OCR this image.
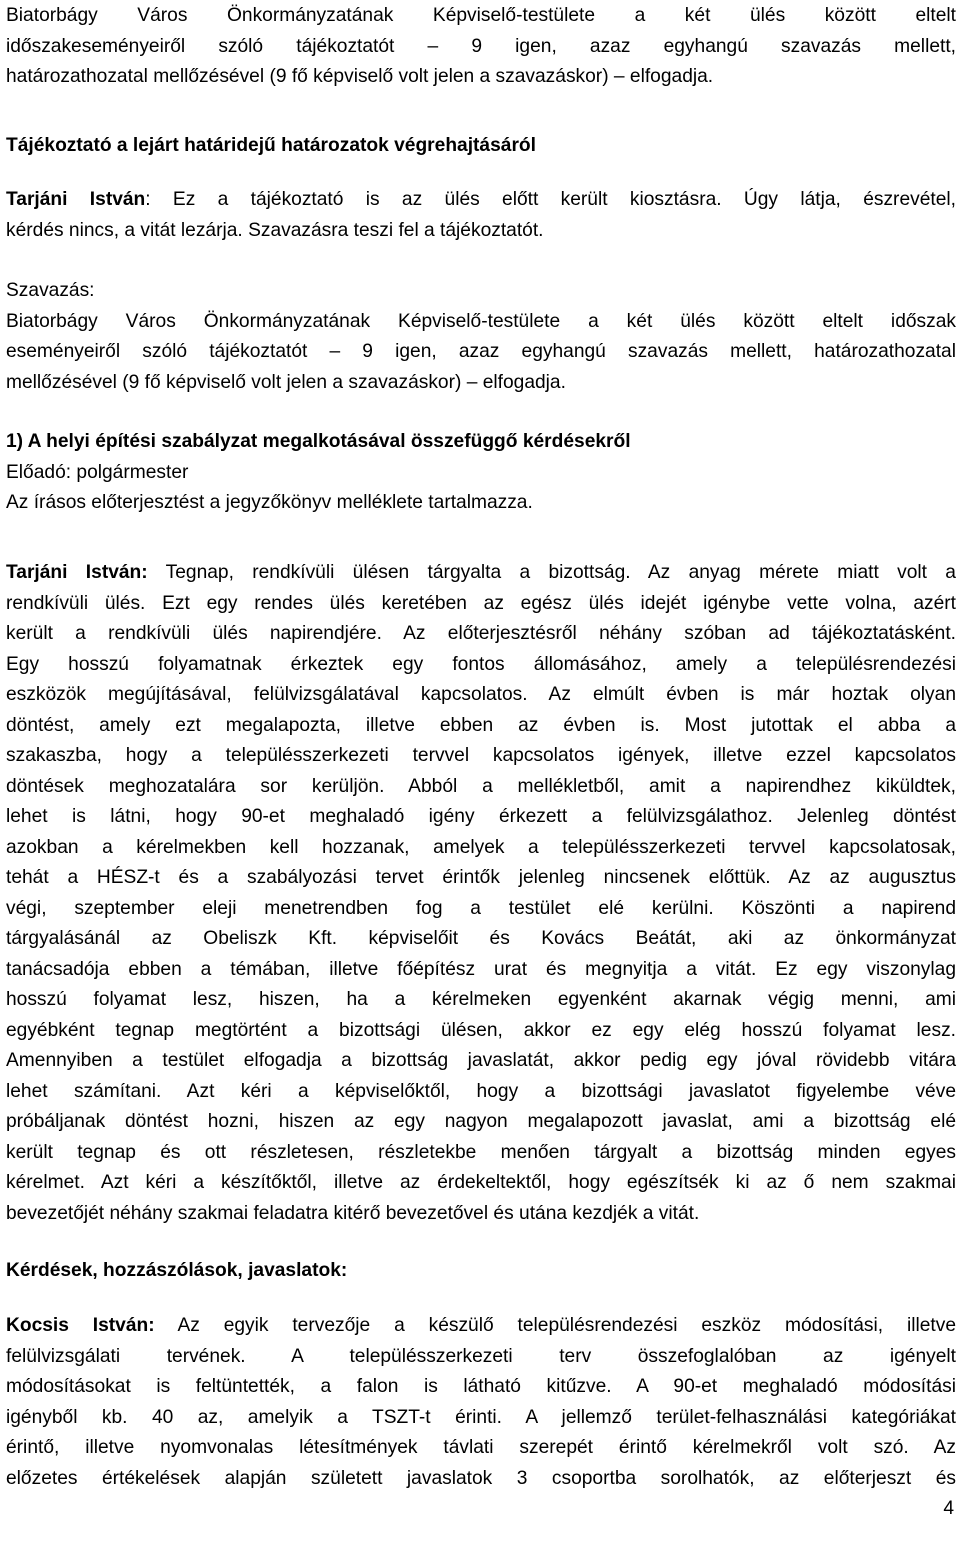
Biatorbágy Város Önkormányzatának Képviselő-testülete a két ülés között eltelt
időszakeseményeiről szóló tájékoztatót – 9 igen, azaz egyhangú szavazás mellett,
határozathozatal mellőzésével (9 fő képviselő volt jelen a szavazáskor) – elfogadja.
Tájékoztató a lejárt határidejű határozatok végrehajtásáról
Tarjáni István: Ez a tájékoztató is az ülés előtt került kiosztásra. Úgy látja, észrevétel,
kérdés nincs, a vitát lezárja. Szavazásra teszi fel a tájékoztatót.
Szavazás:
Biatorbágy Város Önkormányzatának Képviselő-testülete a két ülés között eltelt időszak
eseményeiről szóló tájékoztatót – 9 igen, azaz egyhangú szavazás mellett, határozathozatal
mellőzésével (9 fő képviselő volt jelen a szavazáskor) – elfogadja.
1) A helyi építési szabályzat megalkotásával összefüggő kérdésekről
Előadó: polgármester
Az írásos előterjesztést a jegyzőkönyv melléklete tartalmazza.
Tarjáni István: Tegnap, rendkívüli ülésen tárgyalta a bizottság. Az anyag mérete miatt volt a
rendkívüli ülés. Ezt egy rendes ülés keretében az egész ülés idejét igénybe vette volna, azért
került a rendkívüli ülés napirendjére. Az előterjesztésről néhány szóban ad tájékoztatásként.
Egy hosszú folyamatnak érkeztek egy fontos állomásához, amely a településrendezési
eszközök megújításával, felülvizsgálatával kapcsolatos. Az elmúlt évben is már hoztak olyan
döntést, amely ezt megalapozta, illetve ebben az évben is. Most jutottak el abba a
szakaszba, hogy a településszerkezeti tervvel kapcsolatos igények, illetve ezzel kapcsolatos
döntések meghozatalára sor kerüljön. Abból a mellékletből, amit a napirendhez kiküldtek,
lehet is látni, hogy 90-et meghaladó igény érkezett a felülvizsgálathoz. Jelenleg döntést
azokban a kérelmekben kell hozzanak, amelyek a településszerkezeti tervvel kapcsolatosak,
tehát a HÉSZ-t és a szabályozási tervet érintők jelenleg nincsenek előttük. Az az augusztus
végi, szeptember eleji menetrendben fog a testület elé kerülni. Köszönti a napirend
tárgyalásánál az Obeliszk Kft. képviselőit és Kovács Beátát, aki az önkormányzat
tanácsadója ebben a témában, illetve főépítész urat és megnyitja a vitát. Ez egy viszonylag
hosszú folyamat lesz, hiszen, ha a kérelmeken egyenként akarnak végig menni, ami
egyébként tegnap megtörtént a bizottsági ülésen, akkor ez egy elég hosszú folyamat lesz.
Amennyiben a testület elfogadja a bizottság javaslatát, akkor pedig egy jóval rövidebb vitára
lehet számítani. Azt kéri a képviselőktől, hogy a bizottsági javaslatot figyelembe véve
próbáljanak döntést hozni, hiszen az egy nagyon megalapozott javaslat, ami a bizottság elé
került tegnap és ott részletesen, részletekbe menően tárgyalt a bizottság minden egyes
kérelmet. Azt kéri a készítőktől, illetve az érdekeltektől, hogy egészítsék ki az ő nem szakmai
bevezetőjét néhány szakmai feladatra kitérő bevezetővel és utána kezdjék a vitát.
Kérdések, hozzászólások, javaslatok:
Kocsis István: Az egyik tervezője a készülő településrendezési eszköz módosítási, illetve
felülvizsgálati tervének. A településszerkezeti terv összefoglalóban az igényelt
módosításokat is feltüntették, a falon is látható kitűzve. A 90-et meghaladó módosítási
igényből kb. 40 az, amelyik a TSZT-t érinti. A jellemző terület-felhasználási kategóriákat
érintő, illetve nyomvonalas létesítmények távlati szerepét érintő kérelmekről volt szó. Az
előzetes értékelések alapján született javaslatok 3 csoportba sorolhatók, az előterjeszt és
4
